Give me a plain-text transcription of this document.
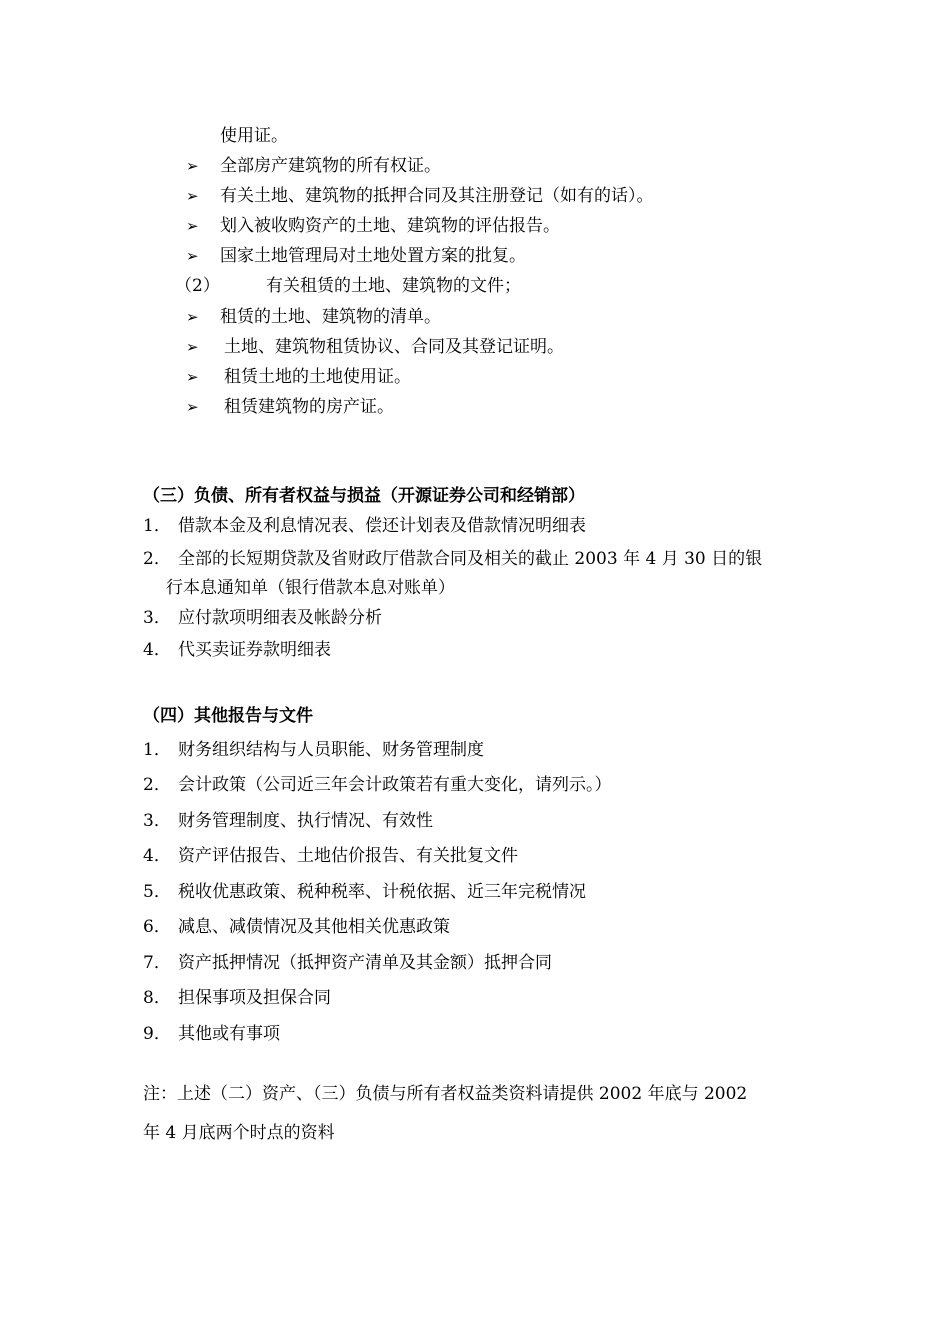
使用证。
➢ 全部房产建筑物的所有权证。
➢ 有关土地、建筑物的抵押合同及其注册登记（如有的话）。
➢ 划入被收购资产的土地、建筑物的评估报告。
➢ 国家土地管理局对土地处置方案的批复。
（2）	有关租赁的土地、建筑物的文件；
➢ 租赁的土地、建筑物的清单。
➢ 土地、建筑物租赁协议、合同及其登记证明。
➢ 租赁土地的土地使用证。
➢ 租赁建筑物的房产证。
（三）负债、所有者权益与损益（开源证券公司和经销部）
1． 借款本金及利息情况表、偿还计划表及借款情况明细表
2． 全部的长短期贷款及省财政厅借款合同及相关的截止 2003 年 4 月 30 日的银
行本息通知单（银行借款本息对账单）
3． 应付款项明细表及帐龄分析
4． 代买卖证券款明细表
（四）其他报告与文件
1． 财务组织结构与人员职能、财务管理制度
2． 会计政策（公司近三年会计政策若有重大变化，请列示。）
3． 财务管理制度、执行情况、有效性
4． 资产评估报告、土地估价报告、有关批复文件
5． 税收优惠政策、税种税率、计税依据、近三年完税情况
6． 减息、减债情况及其他相关优惠政策
7． 资产抵押情况（抵押资产清单及其金额）抵押合同
8． 担保事项及担保合同
9． 其他或有事项
注：上述（二）资产、（三）负债与所有者权益类资料请提供 2002 年底与 2002
年 4 月底两个时点的资料
